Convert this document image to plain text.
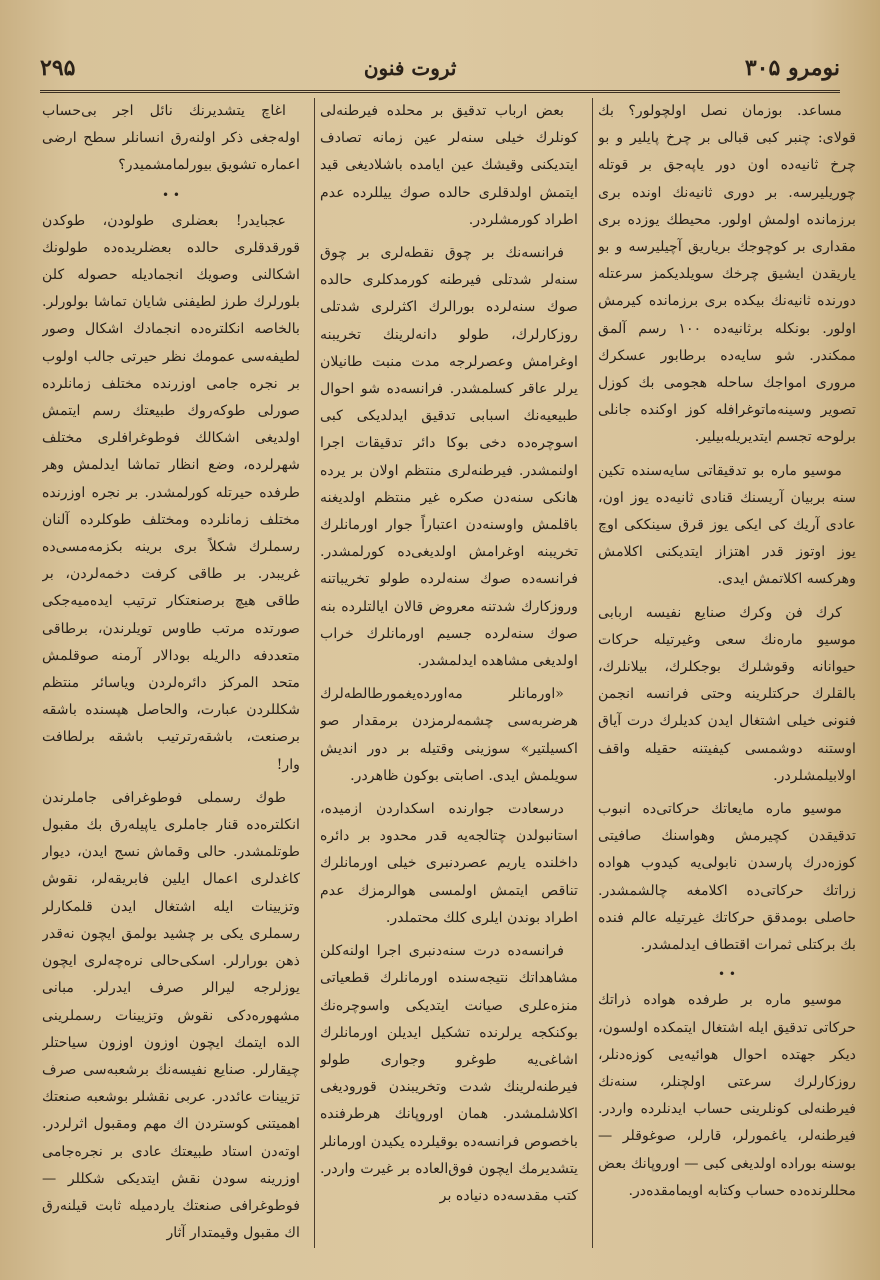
نومرو ۳۰۵
ثروت فنون
۲۹۵

مساعد. بوزمان نصل اولچولور؟ بك قولای: چنبر كبی قبالی بر چرخ پایلیر و بو چرخ ثانیه‌ده اون دور یاپه‌جق بر قوتله چوریلیرسه. بر دوری ثانیه‌نك اونده بری برزمانده اولمش اولور. محیطك یوزده بری مقداری بر كوچوجك بریاریق آچیلیرسه و بو یاریقدن ایشیق چرخك سویلدیكمز سرعتله دورنده ثانیه‌نك بیكده بری برزمانده كیرمش اولور. بونكله برثانیه‌ده ۱۰۰ رسم آلمق ممكندر. شو سایه‌ده برطابور عسكرك مروری امواجك ساحله هجومی بك كوزل تصویر وسینه‌ماتوغرافله كوز اوكنده جانلی برلوحه تجسم ایتدیریله‌بیلیر.

موسیو ماره بو تدقیقاتی سایه‌سنده تكین سنه بربیان آریسنك قنادی ثانیه‌ده یوز اون، عادی آریك كی ایكی یوز قرق سینككی اوچ یوز اوتوز قدر اهتزاز ایتدیكنی اكلامش وهركسه اكلاتمش ایدی.

كرك فن وكرك صنایع نفیسه اربابی موسیو ماره‌نك سعی وغیرتیله حركات حیوانانه وقوشلرك بوجكلرك، بیلانلرك، بالقلرك حركتلرینه وحتی فرانسه انجمن فنونی خیلی اشتغال ایدن كدیلرك درت آیاق اوستنه دوشمسی كیفیتنه حقیله واقف اولابیلمشلردر.

موسیو ماره مایعاتك حركاتی‌ده انبوب تدقیقدن كچیرمش وهواسنك صافیتی كوزه‌درك پارسدن نابولی‌یه كیدوب هواده زراتك حركاتی‌ده اكلامغه چالشمشدر. حاصلی بومدقق حركاتك غیرتیله عالم فنده بك بركتلی ثمرات اقتطاف ایدلمشدر.

• •

موسیو ماره بر طرفده هواده ذراتك حركاتی تدقیق ایله اشتغال ایتمكده اولسون، دیكر جهتده احوال هوائیه‌یی كوزه‌دنلر، روزكارلرك سرعتی اولچنلر، سنه‌نك فیرطنه‌لی كونلرینی حساب ایدنلرده واردر. فیرطنه‌لر، یاغمورلر، قارلر، صوغوقلر — بوسنه بوراده اولدیغی كبی — اوروپانك بعض محللرنده‌ده حساب وكتابه اویمامقده‌در.

بعض ارباب تدقیق بر محلده فیرطنه‌لی كونلرك خیلی سنه‌لر عین زمانه تصادف ایتدیكنی وقیشك عین ایامده باشلادیغی قید ایتمش اولدقلری حالده صوك ییللرده عدم اطراد كورمشلردر.

فرانسه‌نك بر چوق نقطه‌لری بر چوق سنه‌لر شدتلی فیرطنه كورمدكلری حالده صوك سنه‌لرده بورالرك اكثرلری شدتلی روزكارلرك، طولو دانه‌لرینك تخریبنه اوغرامش وعصرلرجه مدت منبت طانیلان یرلر عاقر كسلمشدر. فرانسه‌ده شو احوال طبیعیه‌نك اسبابی تدقیق ایدلدیكی كبی اسوچره‌ده دخی بوكا دائر تدقیقات اجرا اولنمشدر. فیرطنه‌لری منتظم اولان بر یرده هانكی سنه‌دن صكره غیر منتظم اولدیغنه باقلمش واوسنه‌دن اعتباراً جوار اورمانلرك تخریبنه اوغرامش اولدیغی‌ده كورلمشدر. فرانسه‌ده صوك سنه‌لرده طولو تخریباتنه وروزكارك شدتنه معروض قالان ایالتلرده بنه صوك سنه‌لرده جسیم اورمانلرك خراب اولدیغی مشاهده ایدلمشدر.

«اورمانلر مه‌اورده‌یغمورطالطه‌لرك هرضربه‌سی چشمه‌لرمزدن برمقدار صو اكسیلتیر» سوزینی وقتیله بر دور اندیش سویلمش ایدی. اصابتی بوكون ظاهردر.

درسعادت جوارنده اسكداردن ازمیده، استانبولدن چتالجه‌یه قدر محدود بر دائره داخلنده یاریم عصردنبری خیلی اورمانلرك تناقص ایتمش اولمسی هوالرمزك عدم اطراد بوندن ایلری كلك محتملدر.

فرانسه‌ده درت سنه‌دنبری اجرا اولنه‌كلن مشاهداتك نتیجه‌سنده اورمانلرك قطعیاتی منزه‌علری صیانت ایتدیكی واسوچره‌نك بوكنكجه یرلرنده تشكیل ایدیلن اورمانلرك اشاغی‌یه طوغرو وجواری طولو فیرطنه‌لرینك شدت وتخریبندن قورودیغی اكلاشلمشدر. همان اوروپانك هرطرفنده باخصوص فرانسه‌ده بوقیلرده یكیدن اورمانلر یتشدیرمك ایچون فوق‌العاده بر غیرت واردر. كتب مقدسه‌ده دنیاده بر

اغاچ یتشدیرنك نائل اجر بی‌حساب اوله‌جغی ذكر اولنه‌رق انسانلر سطح ارضی اعماره تشویق بیورلمامشمیدر؟

• •

عجبایدر! بعضلری طولودن، طوكدن قورقدقلری حالده بعضلریده‌ده طولونك اشكالنی وصویك انجمادیله حصوله كلن بلورلرك طرز لطیفنی شایان تماشا بولورلر. بالخاصه انكلتره‌ده انجمادك اشكال وصور لطیفه‌سی عمومك نظر حیرتی جالب اولوب بر نجره جامی اوزرنده مختلف زمانلرده صورلی طوكه‌روك طبیعتك رسم ایتمش اولدیغی اشكالك فوطوغرافلری مختلف شهرلرده، وضع انظار تماشا ایدلمش وهر طرفده حیرتله كورلمشدر. بر نجره اوزرنده مختلف زمانلرده ومختلف طوكلرده آلنان رسملرك شكلاً بری برینه بكزمه‌مسی‌ده غریبدر. بر طاقی كرفت دخمه‌لردن، بر طاقی هیچ برصنعتكار ترتیب ایده‌میه‌جكی صورتده مرتب طاوس تویلرندن، برطاقی متعددفه دالریله بودالار آرمنه صوقلمش متحد المركز دائره‌لردن ویاسائر منتظم شكللردن عبارت، والحاصل هپسنده باشقه برصنعت، باشقه‌رترتیب باشقه برلطافت وار!

طوك رسملی فوطوغرافی جاملرندن انكلتره‌ده قنار جاملری یاپیله‌رق بك مقبول طوتلمشدر. حالی وقماش نسج ایدن، دیوار كاغدلری اعمال ایلین فابریقه‌لر، نقوش وتزیینات ایله اشتغال ایدن قلمكارلر رسملری یكی بر چشید بولمق ایچون نه‌قدر ذهن بورارلر. اسكی‌حالی نره‌چه‌لری ایچون یوزلرجه لیرالر صرف ایدرلر. مبانی مشهوره‌دكی نقوش وتزیینات رسملرینی الده ایتمك ایچون اوزون اوزون سیاحتلر چیقارلر. صنایع نفیسه‌نك برشعبه‌سی صرف تزیینات عائددر. عربی نقشلر بوشعبه صنعتك اهمیتنی كوستردن اك مهم ومقبول اثرلردر. اوته‌دن استاد طبیعتك عادی بر نجره‌جامی اوزرینه سودن نقش ایتدیكی شكللر — فوطوغرافی صنعتك یاردمیله ثابت قیلنه‌رق اك مقبول وقیمتدار آثار
